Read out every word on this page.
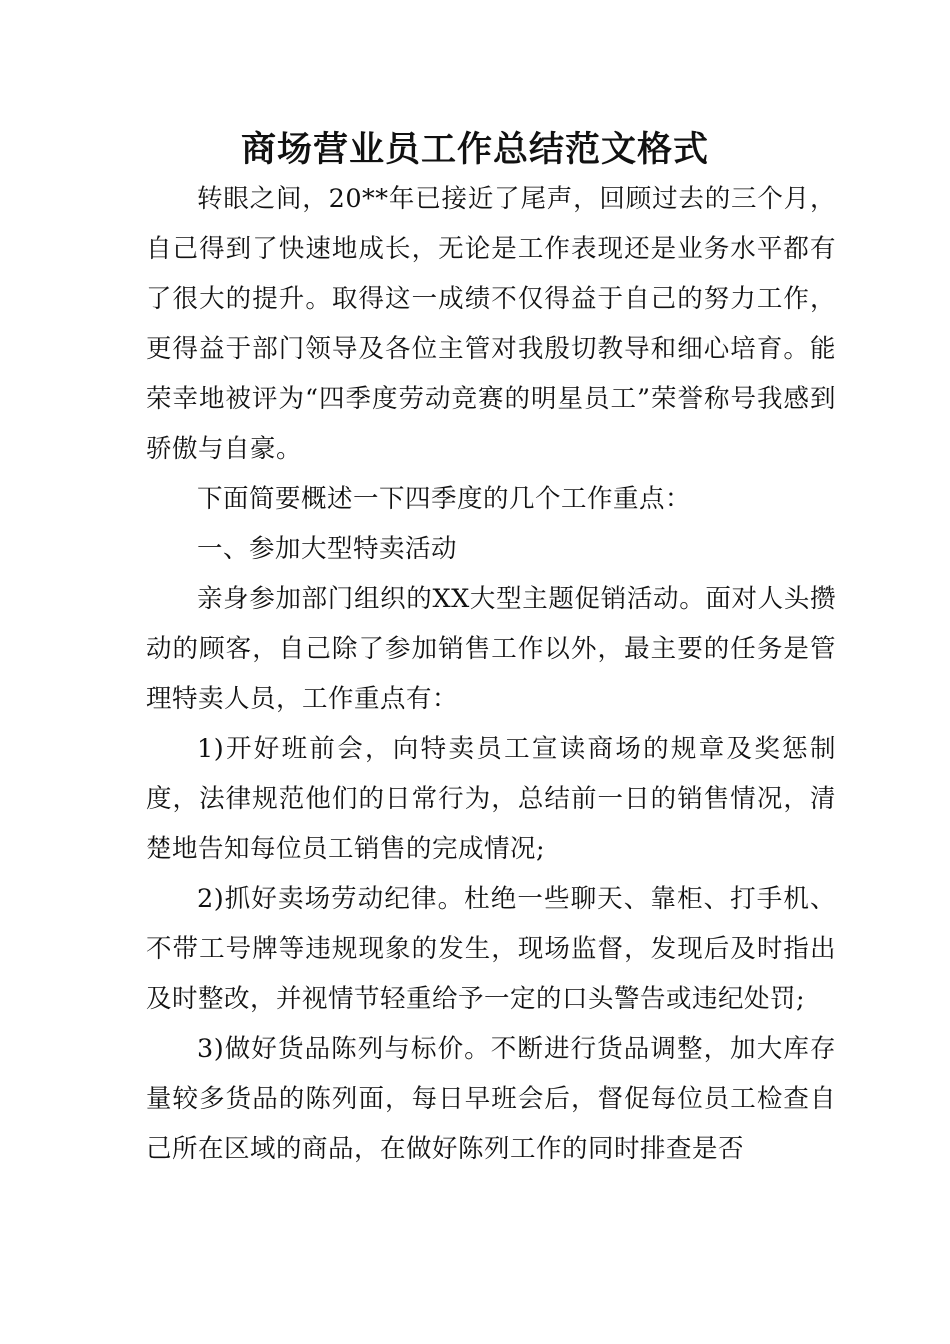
商场营业员工作总结范文格式

转眼之间，20**年已接近了尾声，回顾过去的三个月，自己得到了快速地成长，无论是工作表现还是业务水平都有了很大的提升。取得这一成绩不仅得益于自己的努力工作，更得益于部门领导及各位主管对我殷切教导和细心培育。能荣幸地被评为“四季度劳动竞赛的明星员工”荣誉称号我感到骄傲与自豪。

下面简要概述一下四季度的几个工作重点：

一、参加大型特卖活动

亲身参加部门组织的XX大型主题促销活动。面对人头攒动的顾客，自己除了参加销售工作以外，最主要的任务是管理特卖人员，工作重点有：

1)开好班前会，向特卖员工宣读商场的规章及奖惩制度，法律规范他们的日常行为，总结前一日的销售情况，清楚地告知每位员工销售的完成情况;

2)抓好卖场劳动纪律。杜绝一些聊天、靠柜、打手机、不带工号牌等违规现象的发生，现场监督，发现后及时指出及时整改，并视情节轻重给予一定的口头警告或违纪处罚;

3)做好货品陈列与标价。不断进行货品调整，加大库存量较多货品的陈列面，每日早班会后，督促每位员工检查自己所在区域的商品，在做好陈列工作的同时排查是否
